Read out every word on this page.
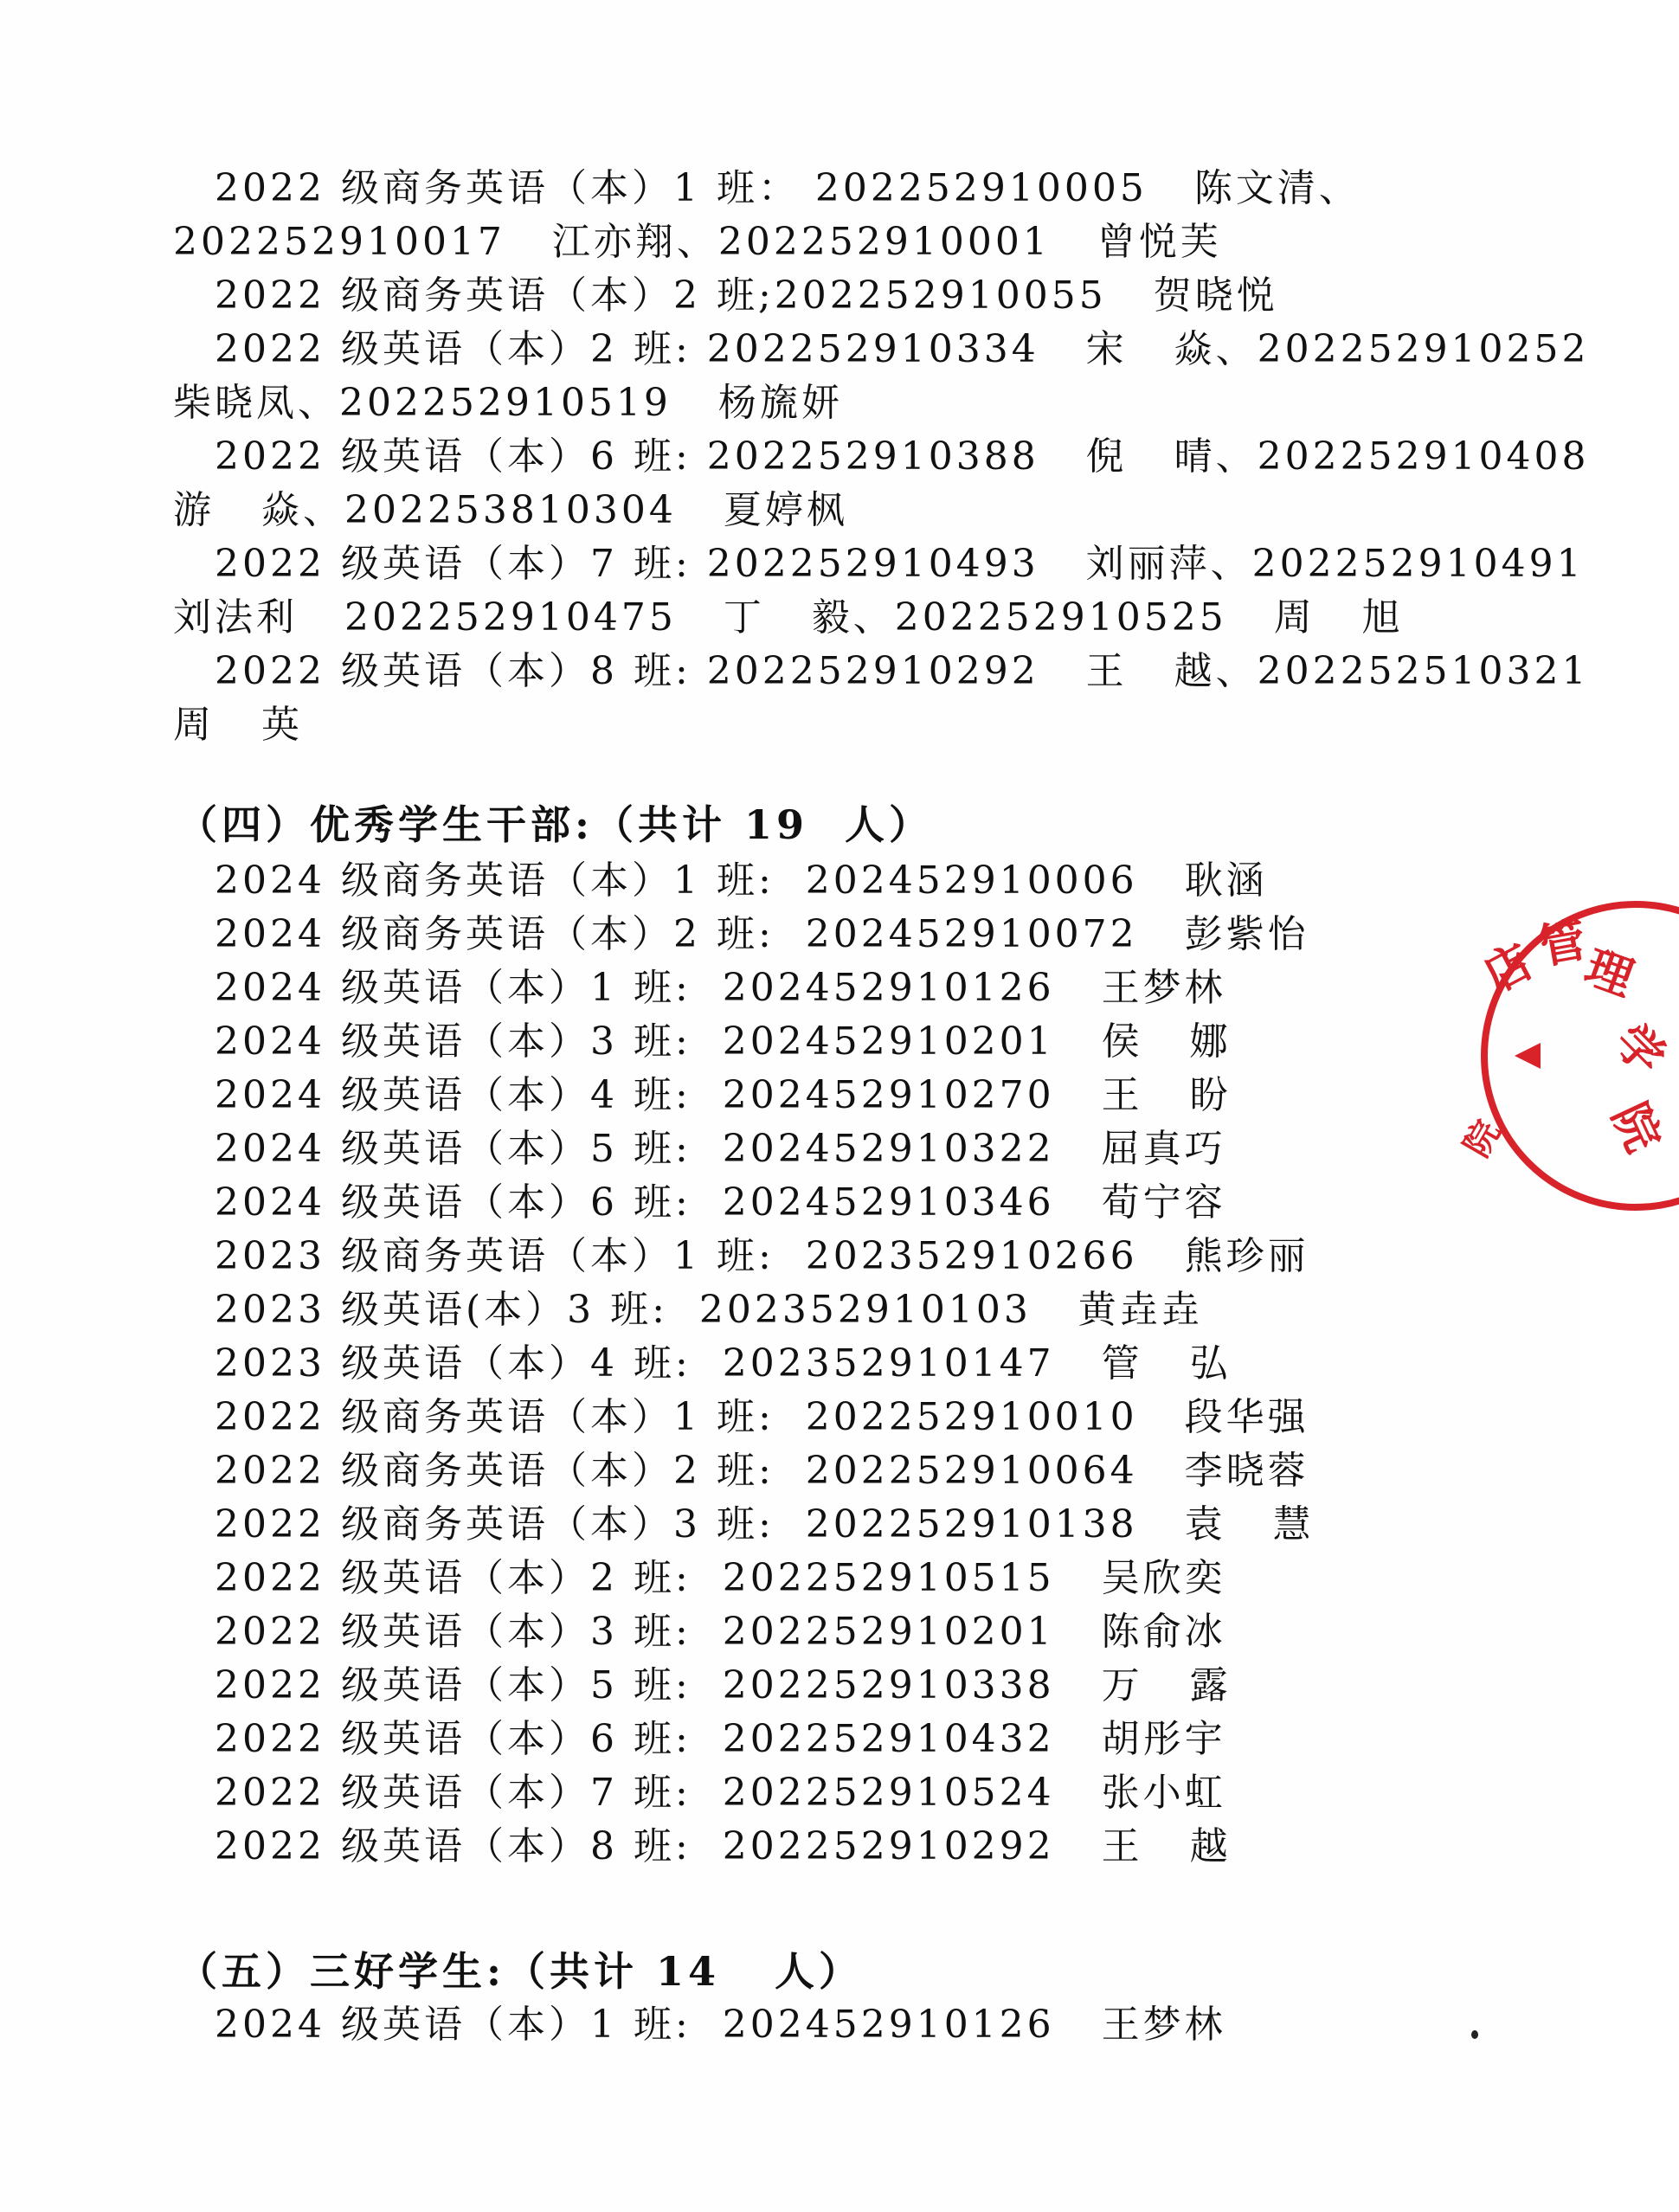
2022 级商务英语（本）1 班： 202252910005   陈文清、
202252910017   江亦翔、202252910001   曾悦芙
2022 级商务英语（本）2 班;202252910055   贺晓悦
2022 级英语（本）2 班: 202252910334   宋   焱、202252910252
柴晓凤、202252910519   杨旒妍
2022 级英语（本）6 班: 202252910388   倪   晴、202252910408
游   焱、202253810304   夏婷枫
2022 级英语（本）7 班: 202252910493   刘丽萍、202252910491
刘法利   202252910475   丁   毅、202252910525   周   旭
2022 级英语（本）8 班: 202252910292   王   越、202252510321
周   英
（四）优秀学生干部:（共计 19  人）
2024 级商务英语（本）1 班:  202452910006   耿涵
2024 级商务英语（本）2 班:  202452910072   彭紫怡
2024 级英语（本）1 班:  202452910126   王梦林
2024 级英语（本）3 班:  202452910201   侯   娜
2024 级英语（本）4 班:  202452910270   王   盼
2024 级英语（本）5 班:  202452910322   屈真巧
2024 级英语（本）6 班:  202452910346   荀宁容
2023 级商务英语（本）1 班:  202352910266   熊珍丽
2023 级英语(本）3 班:  202352910103   黄垚垚
2023 级英语（本）4 班:  202352910147   管   弘
2022 级商务英语（本）1 班:  202252910010   段华强
2022 级商务英语（本）2 班:  202252910064   李晓蓉
2022 级商务英语（本）3 班:  202252910138   袁   慧
2022 级英语（本）2 班:  202252910515   吴欣奕
2022 级英语（本）3 班:  202252910201   陈俞冰
2022 级英语（本）5 班:  202252910338   万   露
2022 级英语（本）6 班:  202252910432   胡彤宇
2022 级英语（本）7 班:  202252910524   张小虹
2022 级英语（本）8 班:  202252910292   王   越
（五）三好学生:（共计 14   人）
2024 级英语（本）1 班:  202452910126   王梦林
店
管
理
学
院
院
